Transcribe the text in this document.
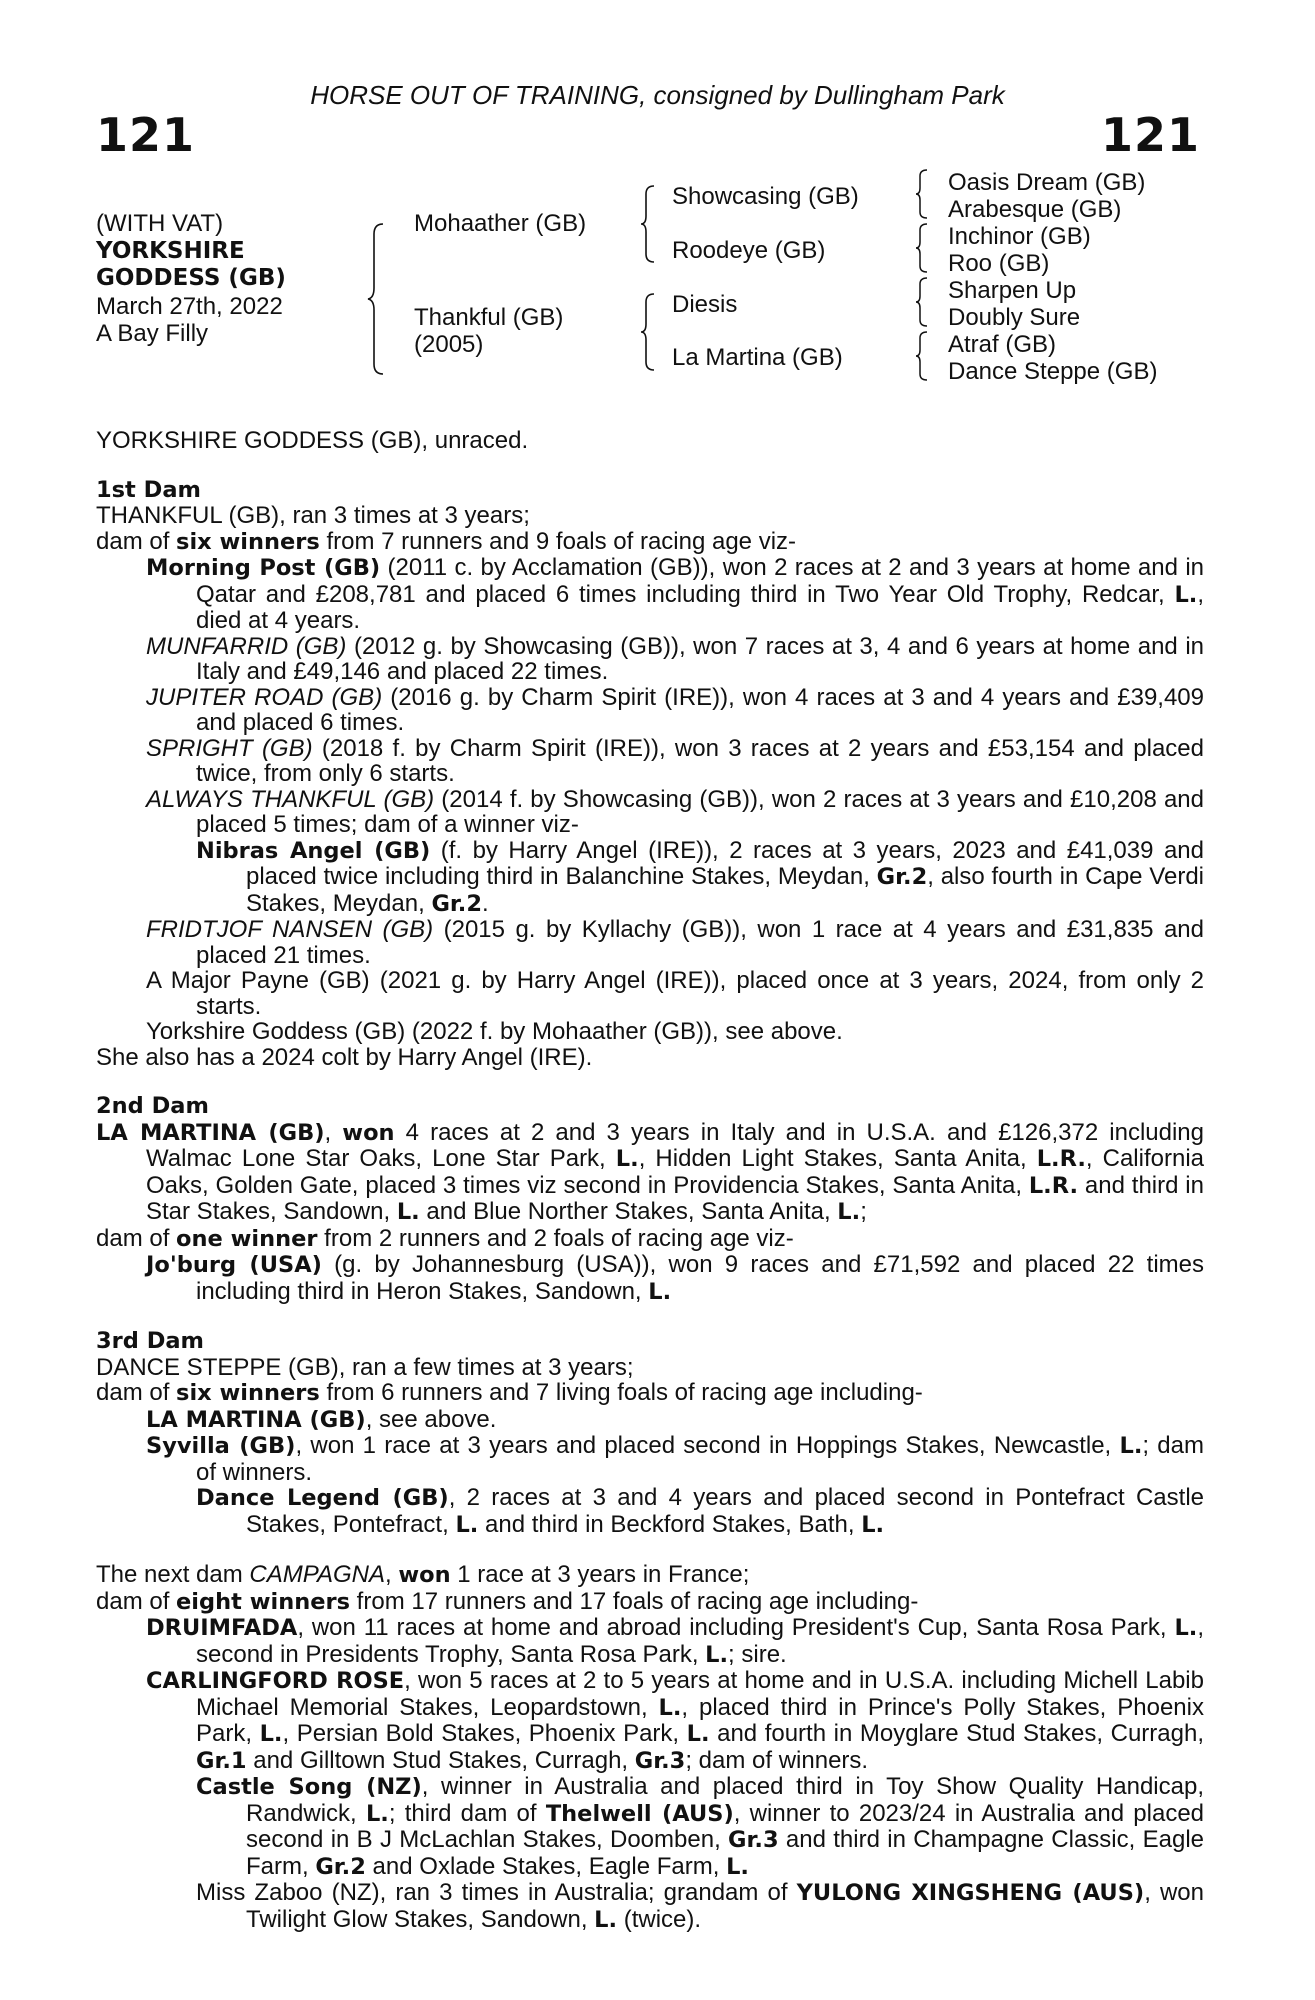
HORSE OUT OF TRAINING, consigned by Dullingham Park
121	121
(WITH VAT)
YORKSHIRE
GODDESS (GB)
March 27th, 2022
A Bay Filly
Mohaather (GB)
Thankful (GB)
(2005)
Showcasing (GB)
Roodeye (GB)
Diesis
La Martina (GB)
Oasis Dream (GB)
Arabesque (GB)
Inchinor (GB)
Roo (GB)
Sharpen Up
Doubly Sure
Atraf (GB)
Dance Steppe (GB)

YORKSHIRE GODDESS (GB), unraced.

1st Dam

THANKFUL (GB), ran 3 times at 3 years;

dam of six winners from 7 runners and 9 foals of racing age viz-

Morning Post (GB) (2011 c. by Acclamation (GB)), won 2 races at 2 and 3 years at home and in Qatar and £208,781 and placed 6 times including third in Two Year Old Trophy, Redcar, L., died at 4 years.

MUNFARRID (GB) (2012 g. by Showcasing (GB)), won 7 races at 3, 4 and 6 years at home and in Italy and £49,146 and placed 22 times.

JUPITER ROAD (GB) (2016 g. by Charm Spirit (IRE)), won 4 races at 3 and 4 years and £39,409 and placed 6 times.

SPRIGHT (GB) (2018 f. by Charm Spirit (IRE)), won 3 races at 2 years and £53,154 and placed twice, from only 6 starts.

ALWAYS THANKFUL (GB) (2014 f. by Showcasing (GB)), won 2 races at 3 years and £10,208 and placed 5 times; dam of a winner viz-

Nibras Angel (GB) (f. by Harry Angel (IRE)), 2 races at 3 years, 2023 and £41,039 and placed twice including third in Balanchine Stakes, Meydan, Gr.2, also fourth in Cape Verdi Stakes, Meydan, Gr.2.

FRIDTJOF NANSEN (GB) (2015 g. by Kyllachy (GB)), won 1 race at 4 years and £31,835 and placed 21 times.

A Major Payne (GB) (2021 g. by Harry Angel (IRE)), placed once at 3 years, 2024, from only 2 starts.

Yorkshire Goddess (GB) (2022 f. by Mohaather (GB)), see above.

She also has a 2024 colt by Harry Angel (IRE).

2nd Dam

LA MARTINA (GB), won 4 races at 2 and 3 years in Italy and in U.S.A. and £126,372 including Walmac Lone Star Oaks, Lone Star Park, L., Hidden Light Stakes, Santa Anita, L.R., California Oaks, Golden Gate, placed 3 times viz second in Providencia Stakes, Santa Anita, L.R. and third in Star Stakes, Sandown, L. and Blue Norther Stakes, Santa Anita, L.;

dam of one winner from 2 runners and 2 foals of racing age viz-

Jo'burg (USA) (g. by Johannesburg (USA)), won 9 races and £71,592 and placed 22 times including third in Heron Stakes, Sandown, L.

3rd Dam

DANCE STEPPE (GB), ran a few times at 3 years;

dam of six winners from 6 runners and 7 living foals of racing age including-

LA MARTINA (GB), see above.

Syvilla (GB), won 1 race at 3 years and placed second in Hoppings Stakes, Newcastle, L.; dam of winners.

Dance Legend (GB), 2 races at 3 and 4 years and placed second in Pontefract Castle Stakes, Pontefract, L. and third in Beckford Stakes, Bath, L.

The next dam CAMPAGNA, won 1 race at 3 years in France;

dam of eight winners from 17 runners and 17 foals of racing age including-

DRUIMFADA, won 11 races at home and abroad including President's Cup, Santa Rosa Park, L., second in Presidents Trophy, Santa Rosa Park, L.; sire.

CARLINGFORD ROSE, won 5 races at 2 to 5 years at home and in U.S.A. including Michell Labib Michael Memorial Stakes, Leopardstown, L., placed third in Prince's Polly Stakes, Phoenix Park, L., Persian Bold Stakes, Phoenix Park, L. and fourth in Moyglare Stud Stakes, Curragh, Gr.1 and Gilltown Stud Stakes, Curragh, Gr.3; dam of winners.

Castle Song (NZ), winner in Australia and placed third in Toy Show Quality Handicap, Randwick, L.; third dam of Thelwell (AUS), winner to 2023/24 in Australia and placed second in B J McLachlan Stakes, Doomben, Gr.3 and third in Champagne Classic, Eagle Farm, Gr.2 and Oxlade Stakes, Eagle Farm, L.

Miss Zaboo (NZ), ran 3 times in Australia; grandam of YULONG XINGSHENG (AUS), won Twilight Glow Stakes, Sandown, L. (twice).
